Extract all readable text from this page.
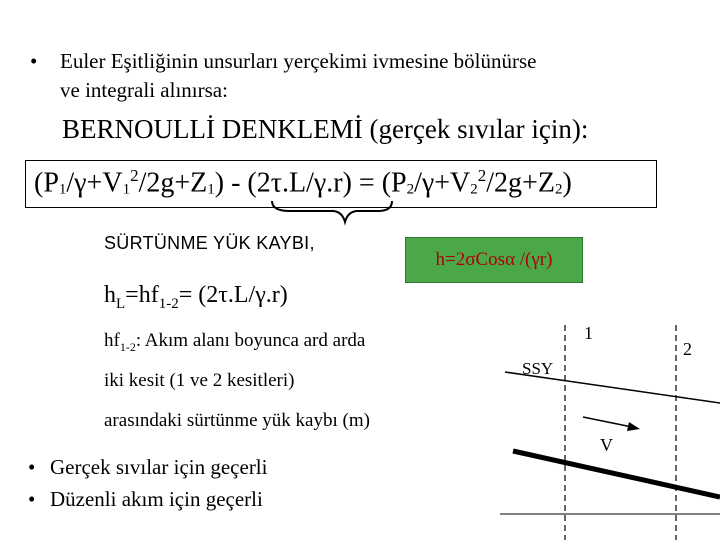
• Euler Eşitliğinin unsurları yerçekimi ivmesine bölünürse
ve integrali alınırsa:
BERNOULLİ DENKLEMİ (gerçek sıvılar için):
$(P_1/\gamma+V_1^2/2g+Z_1) - (2\tau.L/\gamma.r) = (P_2/\gamma+V_2^2/2g+Z_2)$
SÜRTÜNME YÜK KAYBI,
h=2σCosα /(γr)
$h_L=hf_{1-2}= (2\tau.L/\gamma.r)$
$hf_{1-2}$: Akım alanı boyunca ard arda
iki kesit (1 ve 2 kesitleri)
arasındaki sürtünme yük kaybı (m)
• Gerçek sıvılar için geçerli
• Düzenli akım için geçerli
1
2
SSY
V
